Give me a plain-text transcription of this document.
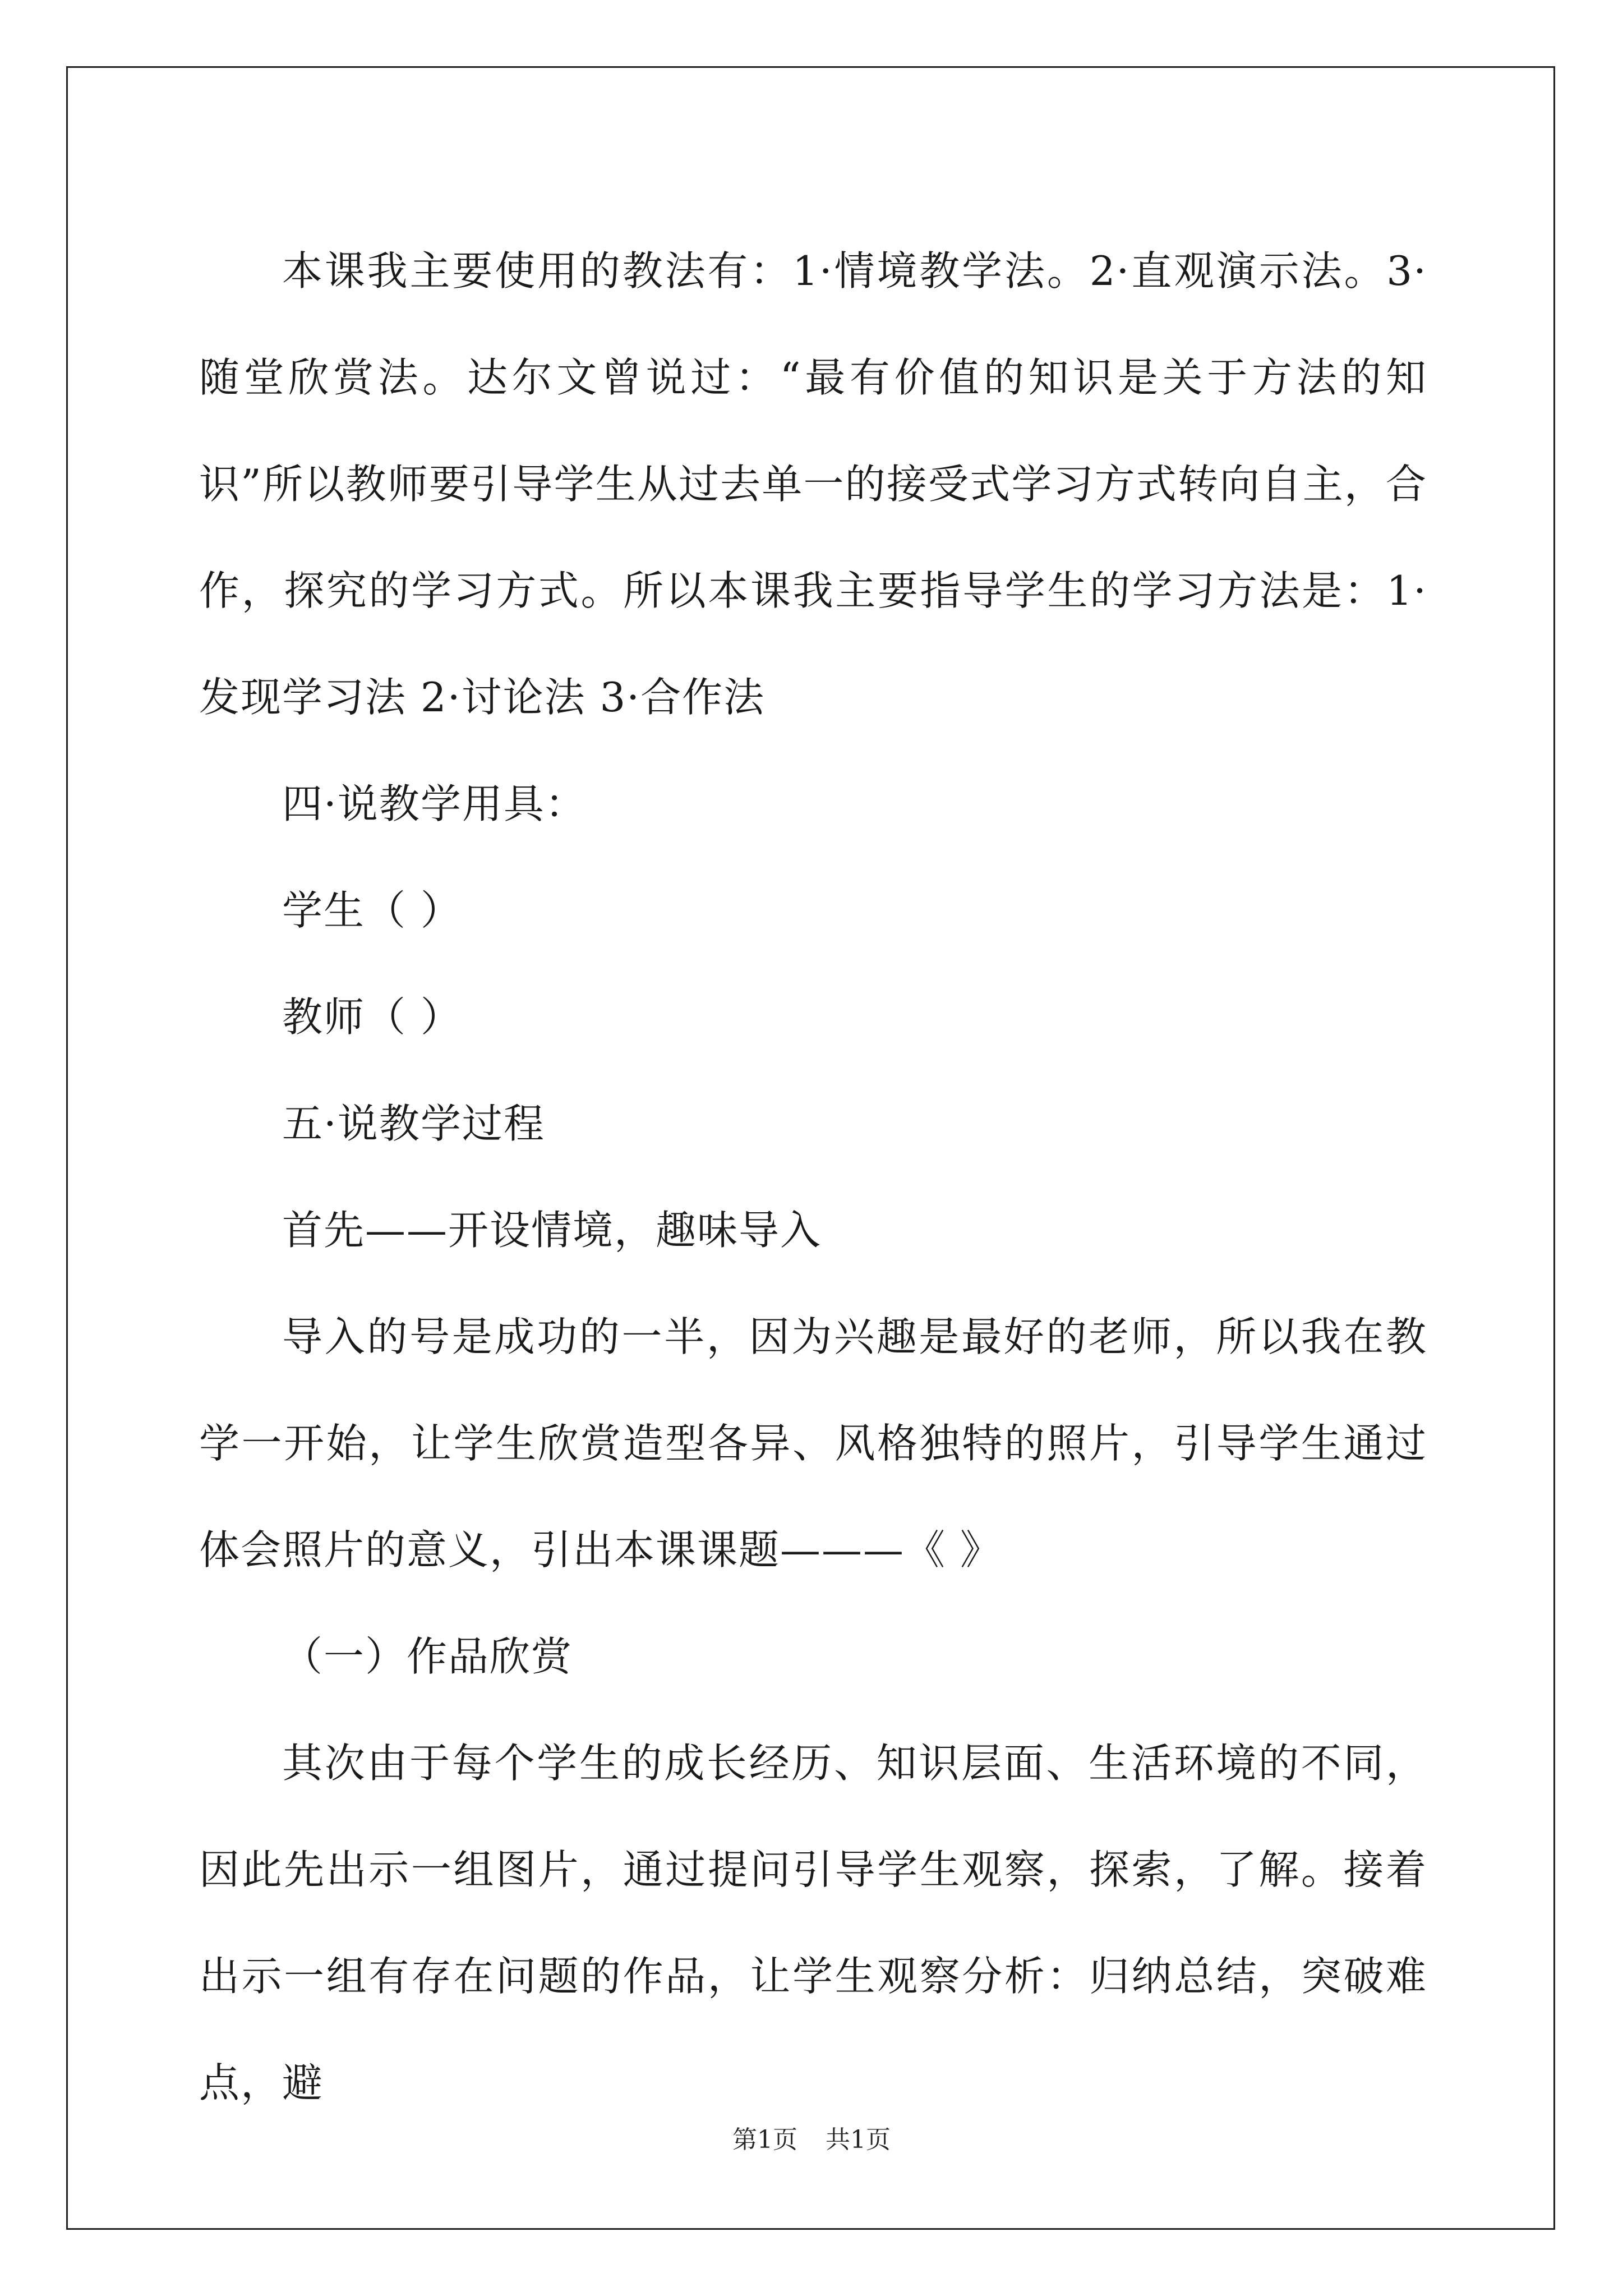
本课我主要使用的教法有：1·情境教学法。2·直观演示法。3·随堂欣赏法。达尔文曾说过：“最有价值的知识是关于方法的知识”所以教师要引导学生从过去单一的接受式学习方式转向自主，合作，探究的学习方式。所以本课我主要指导学生的学习方法是：1·发现学习法 2·讨论法 3·合作法

四·说教学用具：

学生（ ）

教师（ ）

五·说教学过程

首先——开设情境，趣味导入

导入的号是成功的一半，因为兴趣是最好的老师，所以我在教学一开始，让学生欣赏造型各异、风格独特的照片，引导学生通过体会照片的意义，引出本课课题———《 》

（一）作品欣赏

其次由于每个学生的成长经历、知识层面、生活环境的不同，因此先出示一组图片，通过提问引导学生观察，探索，了解。接着出示一组有存在问题的作品，让学生观察分析：归纳总结，突破难点，避

第1页 共1页
